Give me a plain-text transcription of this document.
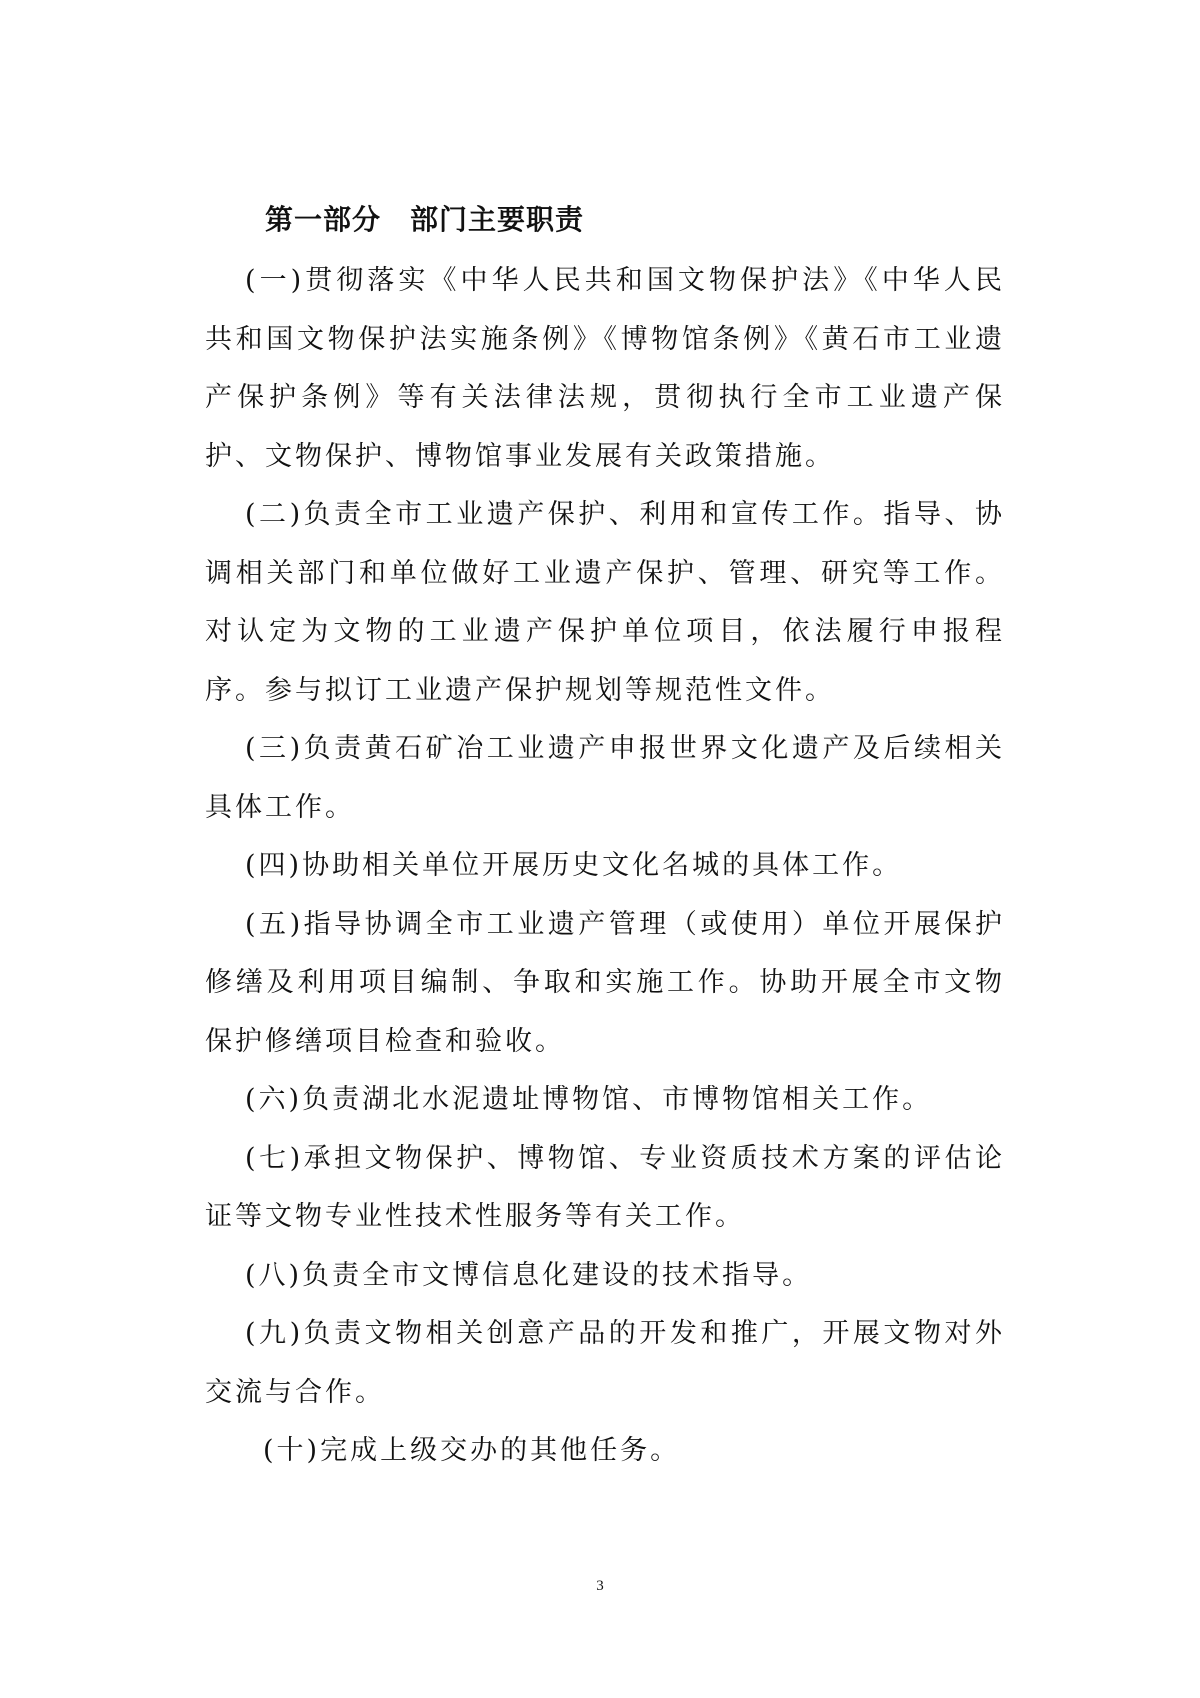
第一部分　部门主要职责

(一)贯彻落实《中华人民共和国文物保护法》《中华人民共和国文物保护法实施条例》《博物馆条例》《黄石市工业遗产保护条例》等有关法律法规，贯彻执行全市工业遗产保护、文物保护、博物馆事业发展有关政策措施。

(二)负责全市工业遗产保护、利用和宣传工作。指导、协调相关部门和单位做好工业遗产保护、管理、研究等工作。对认定为文物的工业遗产保护单位项目，依法履行申报程序。参与拟订工业遗产保护规划等规范性文件。

(三)负责黄石矿冶工业遗产申报世界文化遗产及后续相关具体工作。

(四)协助相关单位开展历史文化名城的具体工作。

(五)指导协调全市工业遗产管理（或使用）单位开展保护修缮及利用项目编制、争取和实施工作。协助开展全市文物保护修缮项目检查和验收。

(六)负责湖北水泥遗址博物馆、市博物馆相关工作。

(七)承担文物保护、博物馆、专业资质技术方案的评估论证等文物专业性技术性服务等有关工作。

(八)负责全市文博信息化建设的技术指导。

(九)负责文物相关创意产品的开发和推广，开展文物对外交流与合作。

(十)完成上级交办的其他任务。

3
